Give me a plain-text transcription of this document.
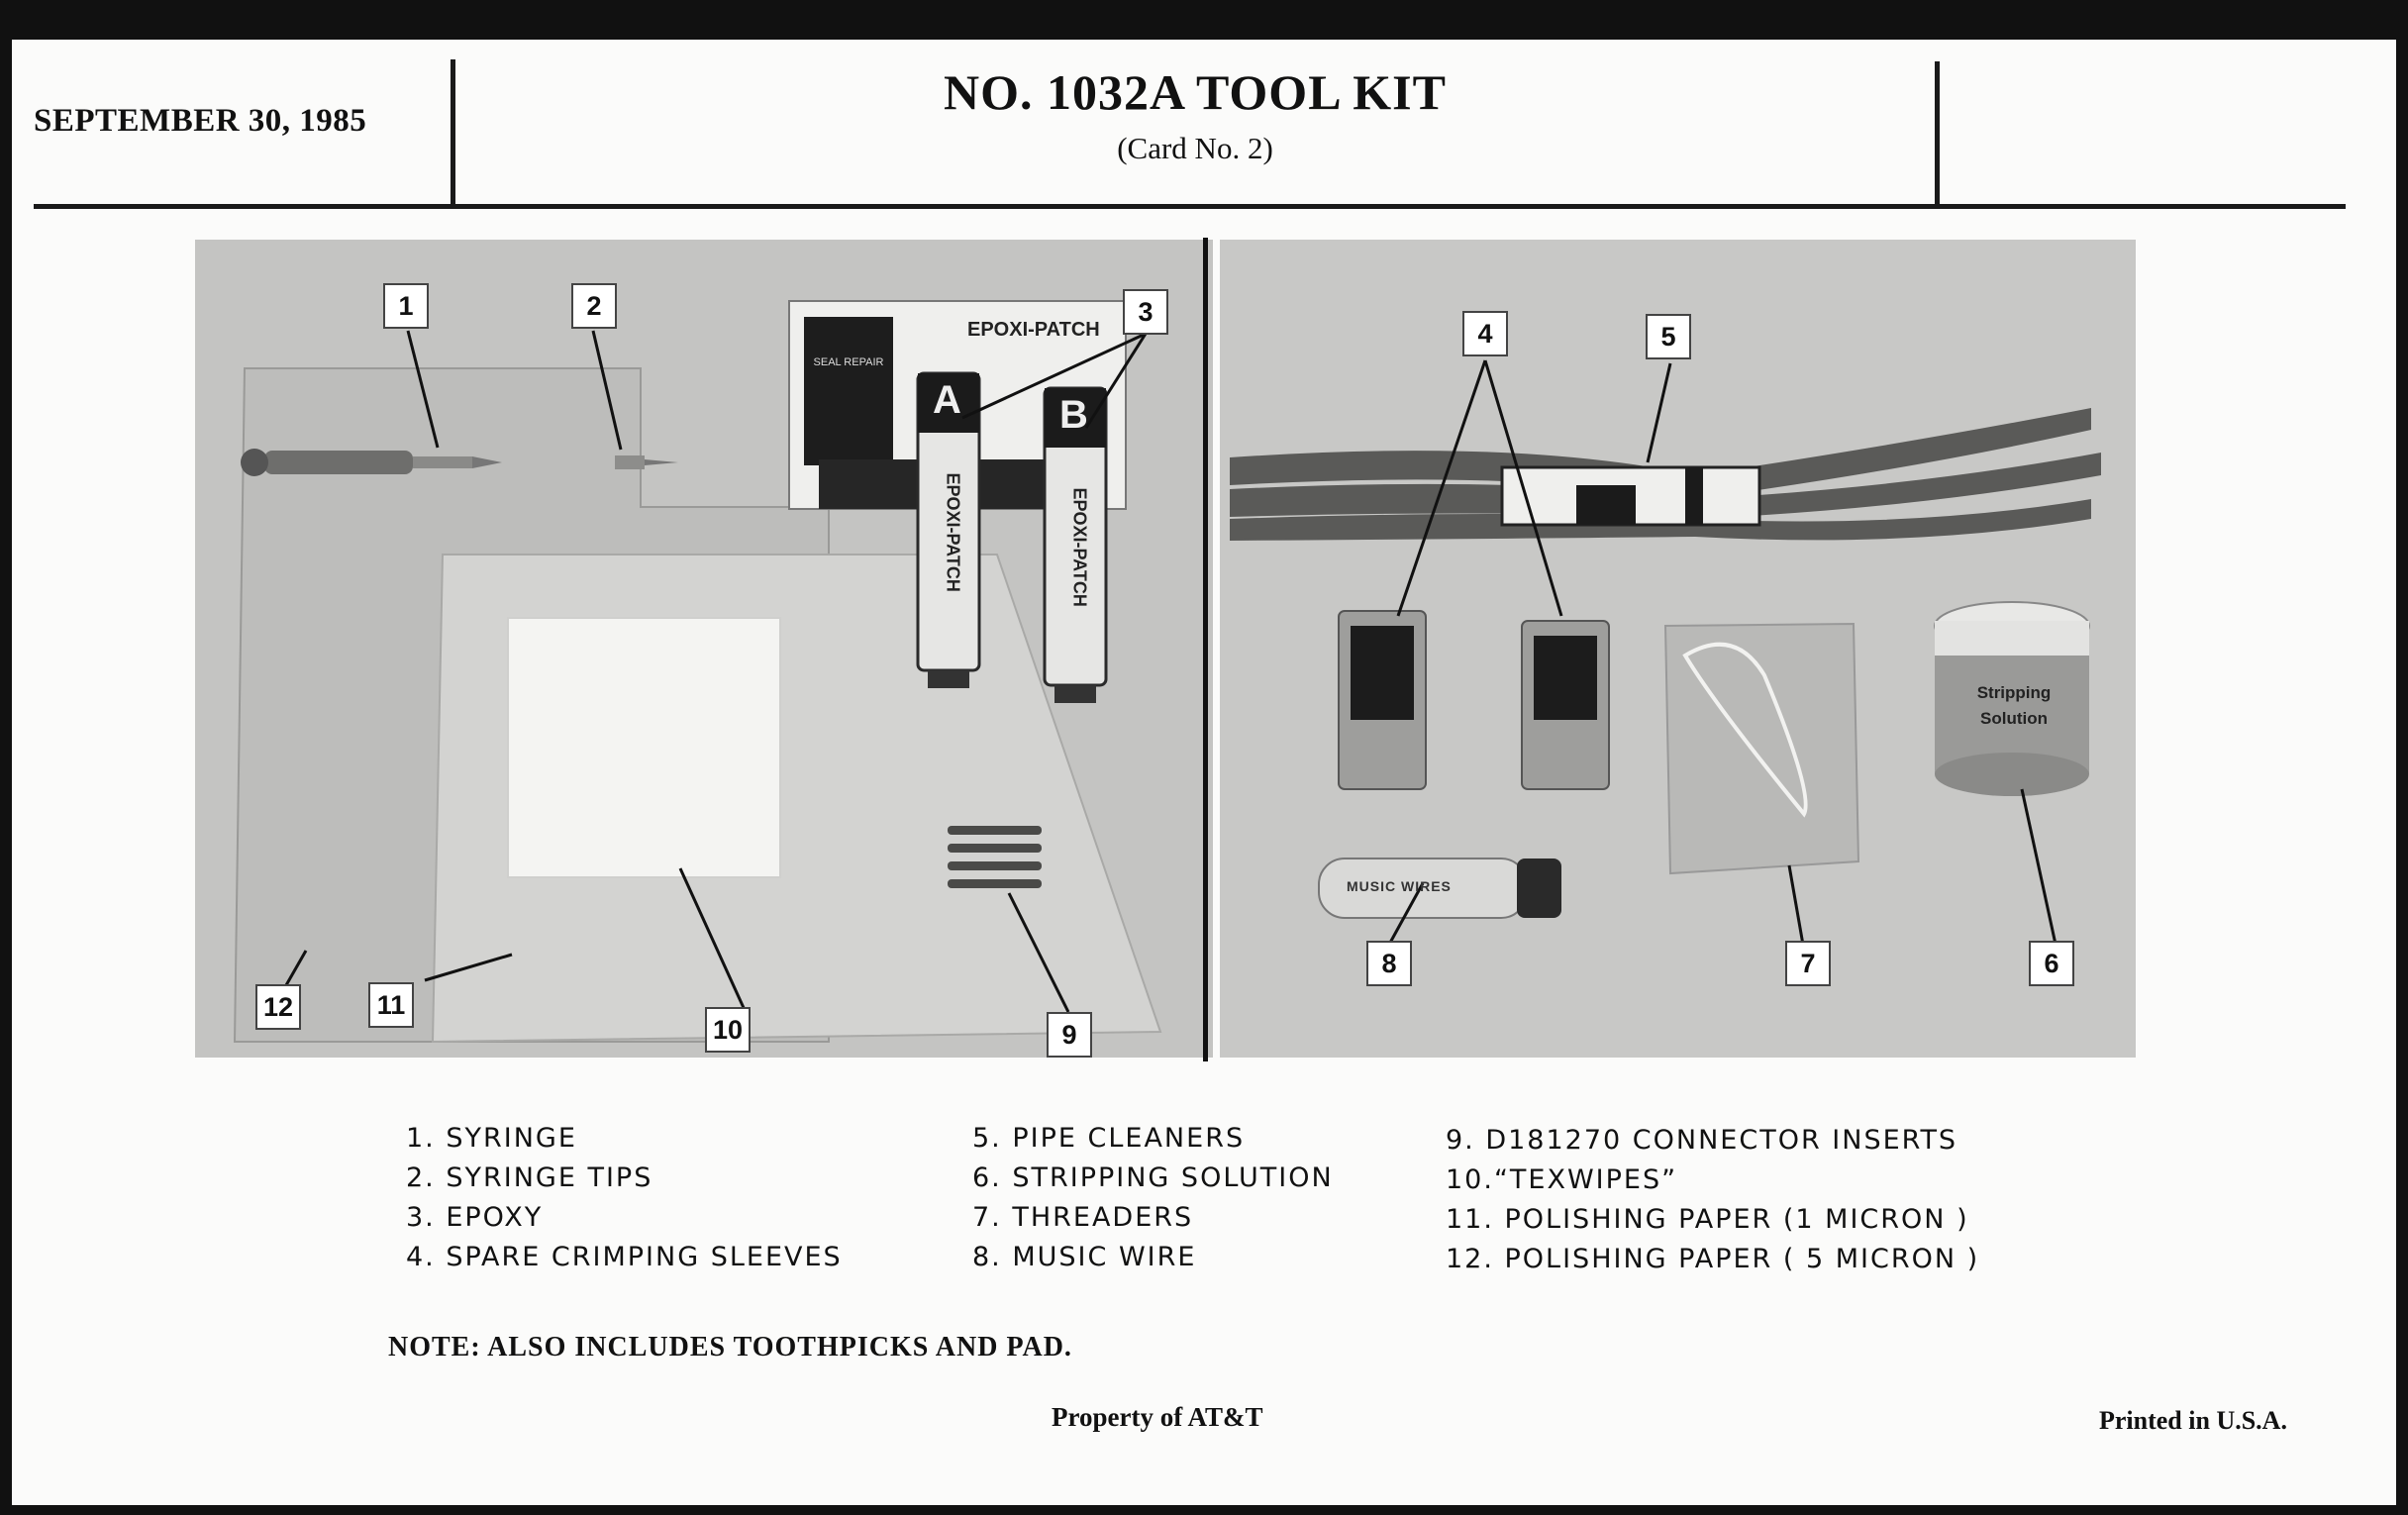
SEPTEMBER 30, 1985
NO. 1032A TOOL KIT
(Card No. 2)
EPOXI-PATCH
SEAL REPAIR
A B
EPOXI-PATCH	EPOXI-PATCH
1	2	3
12	11
10	9
MUSIC WIRES
Stripping Solution
4	5
8	7	6
1. SYRINGE
2. SYRINGE TIPS
3. EPOXY
4. SPARE CRIMPING SLEEVES
5. PIPE CLEANERS
6. STRIPPING SOLUTION
7. THREADERS
8. MUSIC WIRE
9. D181270 CONNECTOR INSERTS
10.“TEXWIPES”
11. POLISHING PAPER (1 MICRON )
12. POLISHING PAPER ( 5 MICRON )
NOTE: ALSO INCLUDES TOOTHPICKS AND PAD.
Property of AT&T	Printed in U.S.A.
